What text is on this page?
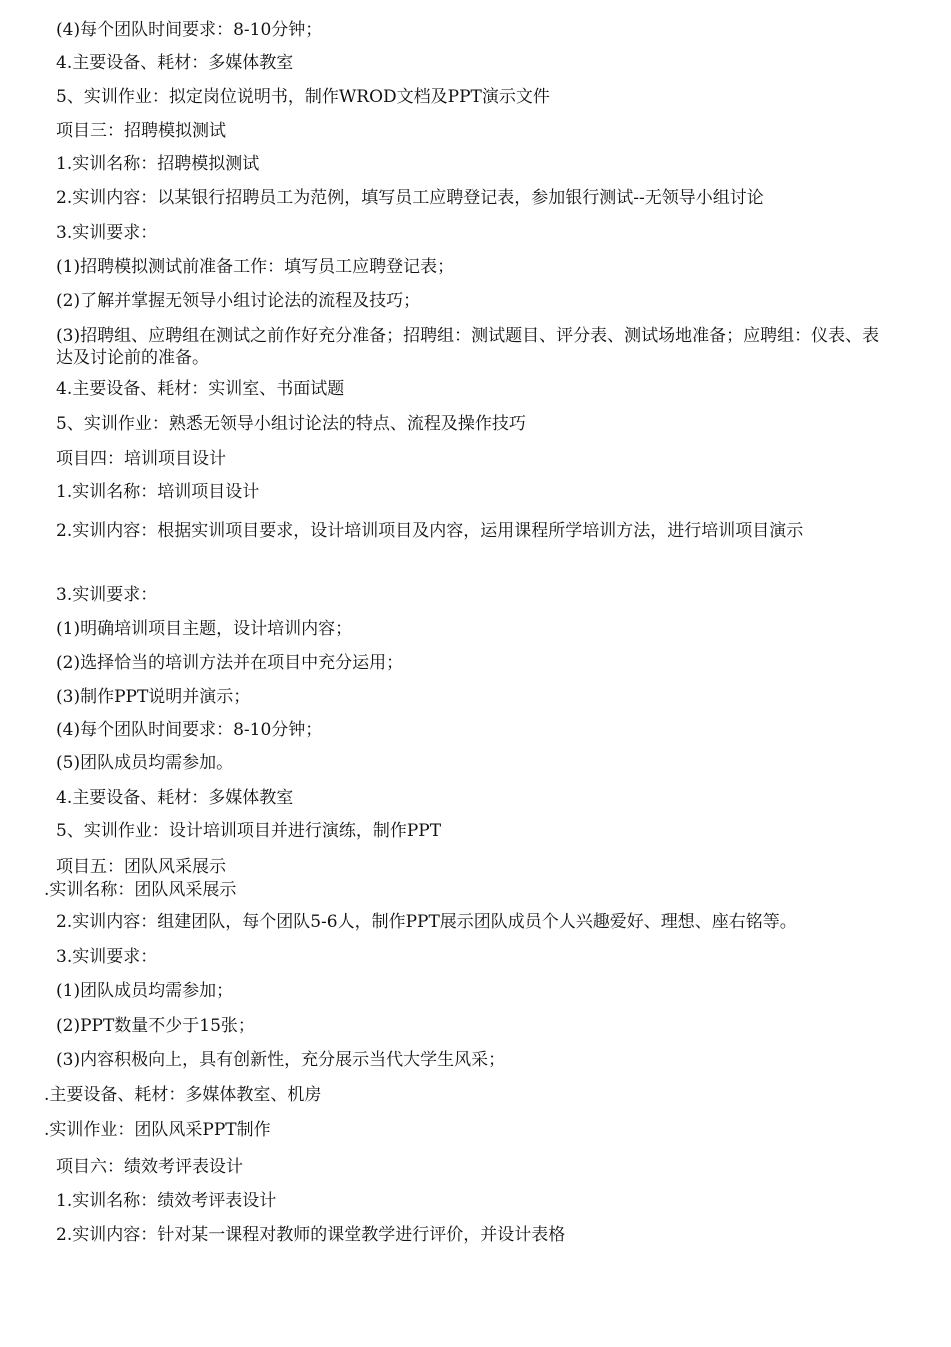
(4)每个团队时间要求：8-10分钟；
4.主要设备、耗材：多媒体教室
5、实训作业：拟定岗位说明书，制作WROD文档及PPT演示文件
项目三：招聘模拟测试
1.实训名称：招聘模拟测试
2.实训内容：以某银行招聘员工为范例，填写员工应聘登记表，参加银行测试--无领导小组讨论
3.实训要求：
(1)招聘模拟测试前准备工作：填写员工应聘登记表；
(2)了解并掌握无领导小组讨论法的流程及技巧；
(3)招聘组、应聘组在测试之前作好充分准备；招聘组：测试题目、评分表、测试场地准备；应聘组：仪表、表达及讨论前的准备。
4.主要设备、耗材：实训室、书面试题
5、实训作业：熟悉无领导小组讨论法的特点、流程及操作技巧
项目四：培训项目设计
1.实训名称：培训项目设计
2.实训内容：根据实训项目要求，设计培训项目及内容，运用课程所学培训方法，进行培训项目演示
3.实训要求：
(1)明确培训项目主题，设计培训内容；
(2)选择恰当的培训方法并在项目中充分运用；
(3)制作PPT说明并演示；
(4)每个团队时间要求：8-10分钟；
(5)团队成员均需参加。
4.主要设备、耗材：多媒体教室
5、实训作业：设计培训项目并进行演练，制作PPT
项目五：团队风采展示
.实训名称：团队风采展示
2.实训内容：组建团队，每个团队5-6人，制作PPT展示团队成员个人兴趣爱好、理想、座右铭等。
3.实训要求：
(1)团队成员均需参加；
(2)PPT数量不少于15张；
(3)内容积极向上，具有创新性，充分展示当代大学生风采；
.主要设备、耗材：多媒体教室、机房
.实训作业：团队风采PPT制作
项目六：绩效考评表设计
1.实训名称：绩效考评表设计
2.实训内容：针对某一课程对教师的课堂教学进行评价，并设计表格
